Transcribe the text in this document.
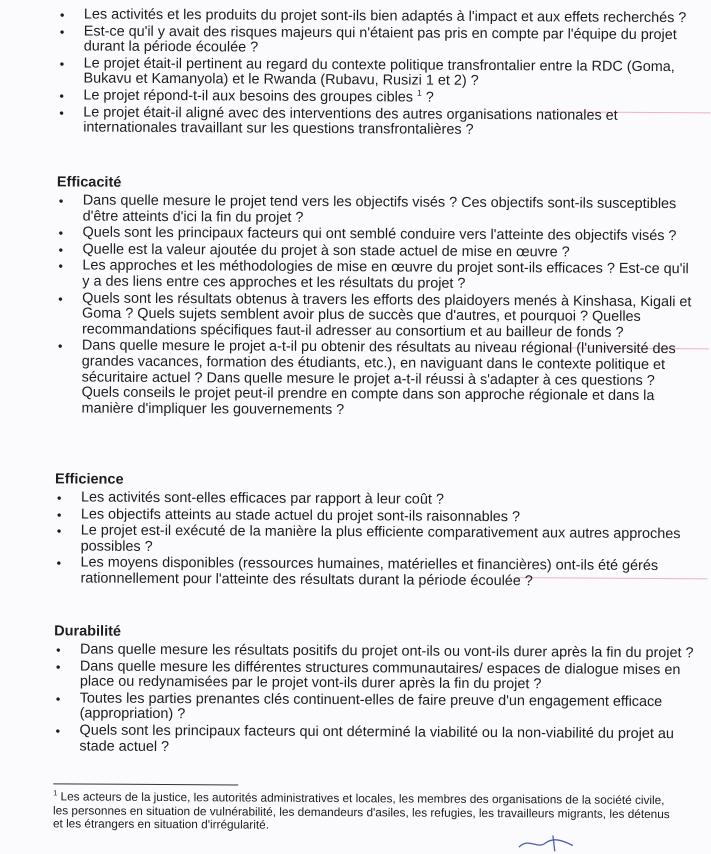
• Les activités et les produits du projet sont-ils bien adaptés à l'impact et aux effets recherchés ?
• Est-ce qu'il y avait des risques majeurs qui n'étaient pas pris en compte par l'équipe du projet durant la période écoulée ?
• Le projet était-il pertinent au regard du contexte politique transfrontalier entre la RDC (Goma, Bukavu et Kamanyola) et le Rwanda (Rubavu, Rusizi 1 et 2) ?
• Le projet répond-t-il aux besoins des groupes cibles $^1$ ?
• Le projet était-il aligné avec des interventions des autres organisations nationales et internationales travaillant sur les questions transfrontalières ?
Efficacité
• Dans quelle mesure le projet tend vers les objectifs visés ? Ces objectifs sont-ils susceptibles d'être atteints d'ici la fin du projet ?
• Quels sont les principaux facteurs qui ont semblé conduire vers l'atteinte des objectifs visés ?
• Quelle est la valeur ajoutée du projet à son stade actuel de mise en œuvre ?
• Les approches et les méthodologies de mise en œuvre du projet sont-ils efficaces ? Est-ce qu'il y a des liens entre ces approches et les résultats du projet ?
• Quels sont les résultats obtenus à travers les efforts des plaidoyers menés à Kinshasa, Kigali et Goma ? Quels sujets semblent avoir plus de succès que d'autres, et pourquoi ? Quelles recommandations spécifiques faut-il adresser au consortium et au bailleur de fonds ?
• Dans quelle mesure le projet a-t-il pu obtenir des résultats au niveau régional (l'université des grandes vacances, formation des étudiants, etc.), en naviguant dans le contexte politique et sécuritaire actuel ? Dans quelle mesure le projet a-t-il réussi à s'adapter à ces questions ? Quels conseils le projet peut-il prendre en compte dans son approche régionale et dans la manière d'impliquer les gouvernements ?
Efficience
• Les activités sont-elles efficaces par rapport à leur coût ?
• Les objectifs atteints au stade actuel du projet sont-ils raisonnables ?
• Le projet est-il exécuté de la manière la plus efficiente comparativement aux autres approches possibles ?
• Les moyens disponibles (ressources humaines, matérielles et financières) ont-ils été gérés rationnellement pour l'atteinte des résultats durant la période écoulée ?
Durabilité
• Dans quelle mesure les résultats positifs du projet ont-ils ou vont-ils durer après la fin du projet ?
• Dans quelle mesure les différentes structures communautaires/ espaces de dialogue mises en place ou redynamisées par le projet vont-ils durer après la fin du projet ?
• Toutes les parties prenantes clés continuent-elles de faire preuve d'un engagement efficace (appropriation) ?
• Quels sont les principaux facteurs qui ont déterminé la viabilité ou la non-viabilité du projet au stade actuel ?
$^1$ Les acteurs de la justice, les autorités administratives et locales, les membres des organisations de la société civile, les personnes en situation de vulnérabilité, les demandeurs d'asiles, les refugies, les travailleurs migrants, les détenus et les étrangers en situation d'irrégularité.
